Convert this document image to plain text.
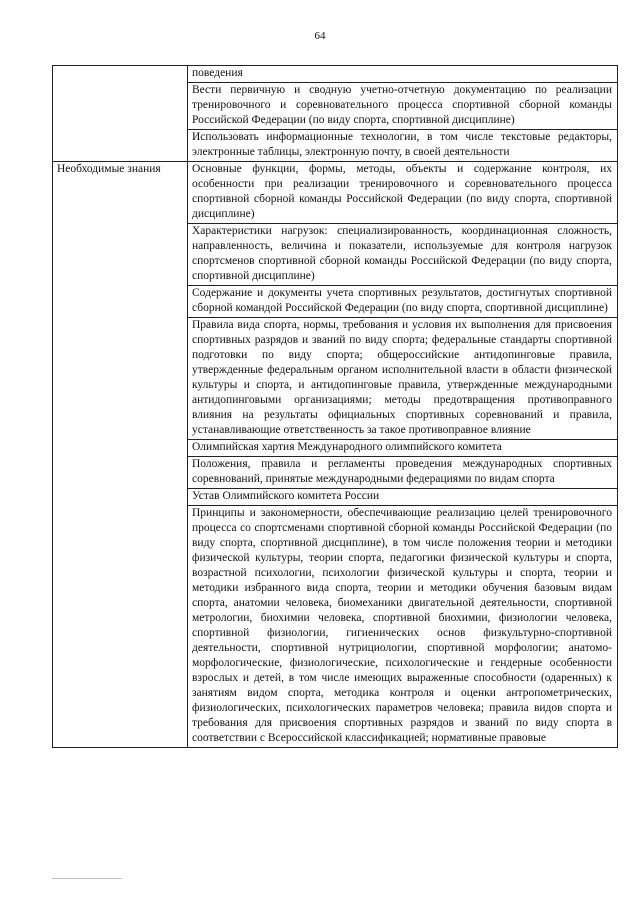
64
	поведения
	Вести первичную и сводную учетно-отчетную документацию по реализации тренировочного и соревновательного процесса спортивной сборной команды Российской Федерации (по виду спорта, спортивной дисциплине)
	Использовать информационные технологии, в том числе текстовые редакторы, электронные таблицы, электронную почту, в своей деятельности
Необходимые знания	Основные функции, формы, методы, объекты и содержание контроля, их особенности при реализации тренировочного и соревновательного процесса спортивной сборной команды Российской Федерации (по виду спорта, спортивной дисциплине)
	Характеристики нагрузок: специализированность, координационная сложность, направленность, величина и показатели, используемые для контроля нагрузок спортсменов спортивной сборной команды Российской Федерации (по виду спорта, спортивной дисциплине)
	Содержание и документы учета спортивных результатов, достигнутых спортивной сборной командой Российской Федерации (по виду спорта, спортивной дисциплине)
	Правила вида спорта, нормы, требования и условия их выполнения для присвоения спортивных разрядов и званий по виду спорта; федеральные стандарты спортивной подготовки по виду спорта; общероссийские антидопинговые правила, утвержденные федеральным органом исполнительной власти в области физической культуры и спорта, и антидопинговые правила, утвержденные международными антидопинговыми организациями; методы предотвращения противоправного влияния на результаты официальных спортивных соревнований и правила, устанавливающие ответственность за такое противоправное влияние
	Олимпийская хартия Международного олимпийского комитета
	Положения, правила и регламенты проведения международных спортивных соревнований, принятые международными федерациями по видам спорта
	Устав Олимпийского комитета России
	Принципы и закономерности, обеспечивающие реализацию целей тренировочного процесса со спортсменами спортивной сборной команды Российской Федерации (по виду спорта, спортивной дисциплине), в том числе положения теории и методики физической культуры, теории спорта, педагогики физической культуры и спорта, возрастной психологии, психологии физической культуры и спорта, теории и методики избранного вида спорта, теории и методики обучения базовым видам спорта, анатомии человека, биомеханики двигательной деятельности, спортивной метрологии, биохимии человека, спортивной биохимии, физиологии человека, спортивной физиологии, гигиенических основ физкультурно-спортивной деятельности, спортивной нутрициологии, спортивной морфологии; анатомо-морфологические, физиологические, психологические и гендерные особенности взрослых и детей, в том числе имеющих выраженные способности (одаренных) к занятиям видом спорта, методика контроля и оценки антропометрических, физиологических, психологических параметров человека; правила видов спорта и требования для присвоения спортивных разрядов и званий по виду спорта в соответствии с Всероссийской классификацией; нормативные правовые
